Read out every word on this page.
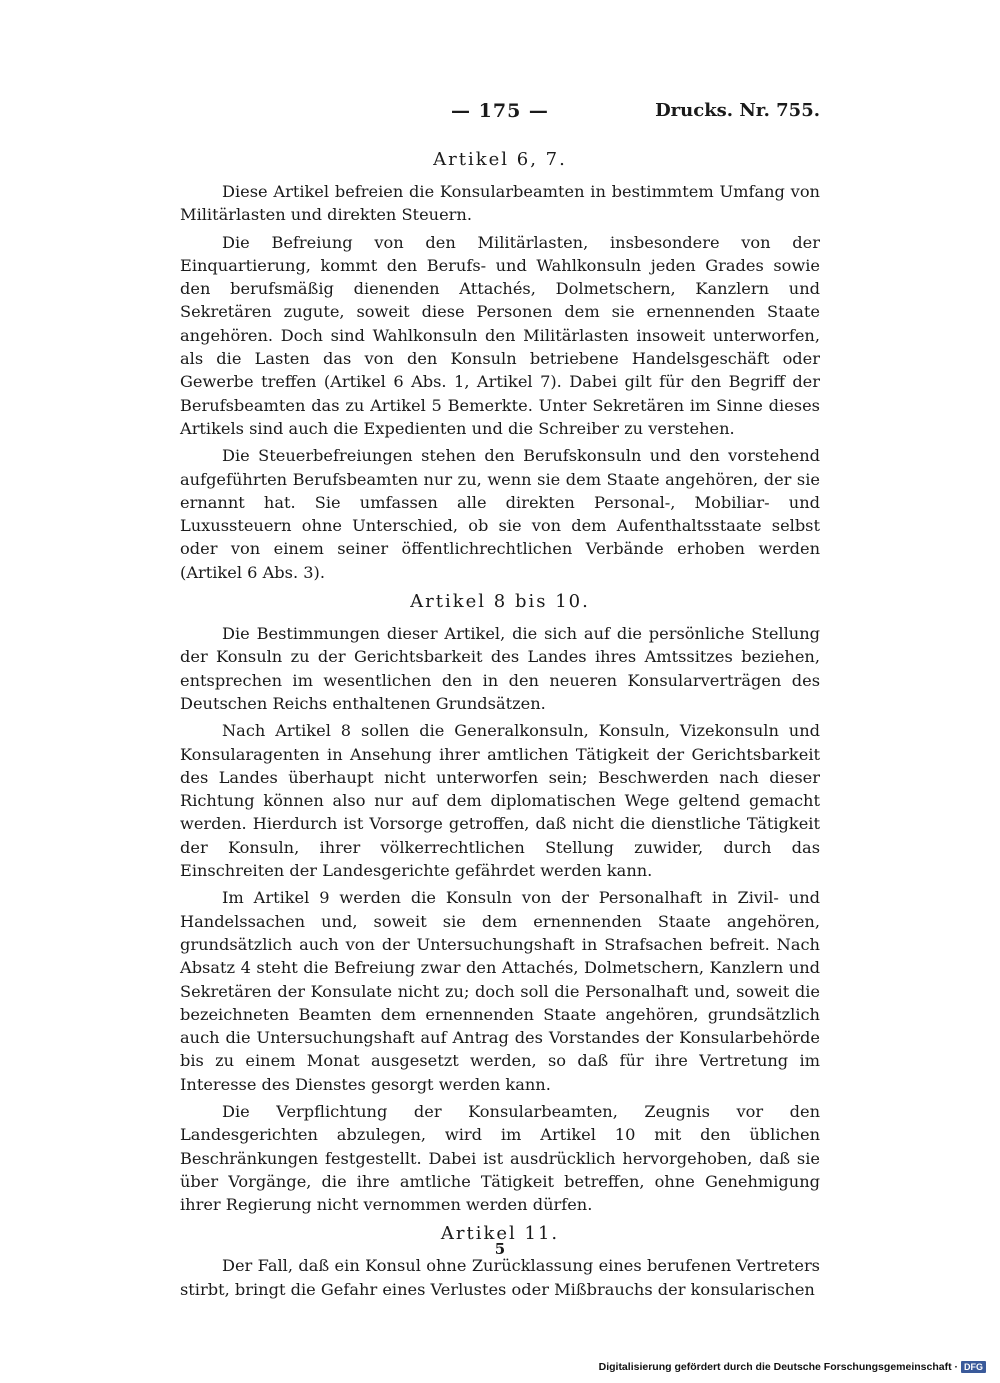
— 175 —	Drucks. Nr. 755.
Artikel 6, 7.

Diese Artikel befreien die Konsularbeamten in bestimmtem Umfang von Militärlasten und direkten Steuern.

Die Befreiung von den Militärlasten, insbesondere von der Einquartierung, kommt den Berufs- und Wahlkonsuln jeden Grades sowie den berufsmäßig dienenden Attachés, Dolmetschern, Kanzlern und Sekretären zugute, soweit diese Personen dem sie ernennenden Staate angehören. Doch sind Wahlkonsuln den Militärlasten insoweit unterworfen, als die Lasten das von den Konsuln betriebene Handelsgeschäft oder Gewerbe treffen (Artikel 6 Abs. 1, Artikel 7). Dabei gilt für den Begriff der Berufsbeamten das zu Artikel 5 Bemerkte. Unter Sekretären im Sinne dieses Artikels sind auch die Expedienten und die Schreiber zu verstehen.

Die Steuerbefreiungen stehen den Berufskonsuln und den vorstehend aufgeführten Berufsbeamten nur zu, wenn sie dem Staate angehören, der sie ernannt hat. Sie umfassen alle direkten Personal-, Mobiliar- und Luxussteuern ohne Unterschied, ob sie von dem Aufenthaltsstaate selbst oder von einem seiner öffentlichrechtlichen Verbände erhoben werden (Artikel 6 Abs. 3).

Artikel 8 bis 10.

Die Bestimmungen dieser Artikel, die sich auf die persönliche Stellung der Konsuln zu der Gerichtsbarkeit des Landes ihres Amtssitzes beziehen, entsprechen im wesentlichen den in den neueren Konsularverträgen des Deutschen Reichs enthaltenen Grundsätzen.

Nach Artikel 8 sollen die Generalkonsuln, Konsuln, Vizekonsuln und Konsularagenten in Ansehung ihrer amtlichen Tätigkeit der Gerichtsbarkeit des Landes überhaupt nicht unterworfen sein; Beschwerden nach dieser Richtung können also nur auf dem diplomatischen Wege geltend gemacht werden. Hierdurch ist Vorsorge getroffen, daß nicht die dienstliche Tätigkeit der Konsuln, ihrer völkerrechtlichen Stellung zuwider, durch das Einschreiten der Landesgerichte gefährdet werden kann.

Im Artikel 9 werden die Konsuln von der Personalhaft in Zivil- und Handelssachen und, soweit sie dem ernennenden Staate angehören, grundsätzlich auch von der Untersuchungshaft in Strafsachen befreit. Nach Absatz 4 steht die Befreiung zwar den Attachés, Dolmetschern, Kanzlern und Sekretären der Konsulate nicht zu; doch soll die Personalhaft und, soweit die bezeichneten Beamten dem ernennenden Staate angehören, grundsätzlich auch die Untersuchungshaft auf Antrag des Vorstandes der Konsularbehörde bis zu einem Monat ausgesetzt werden, so daß für ihre Vertretung im Interesse des Dienstes gesorgt werden kann.

Die Verpflichtung der Konsularbeamten, Zeugnis vor den Landesgerichten abzulegen, wird im Artikel 10 mit den üblichen Beschränkungen festgestellt. Dabei ist ausdrücklich hervorgehoben, daß sie über Vorgänge, die ihre amtliche Tätigkeit betreffen, ohne Genehmigung ihrer Regierung nicht vernommen werden dürfen.

Artikel 11.

Der Fall, daß ein Konsul ohne Zurücklassung eines berufenen Vertreters stirbt, bringt die Gefahr eines Verlustes oder Mißbrauchs der konsularischen

5
Digitalisierung gefördert durch die Deutsche Forschungsgemeinschaft · DFG
